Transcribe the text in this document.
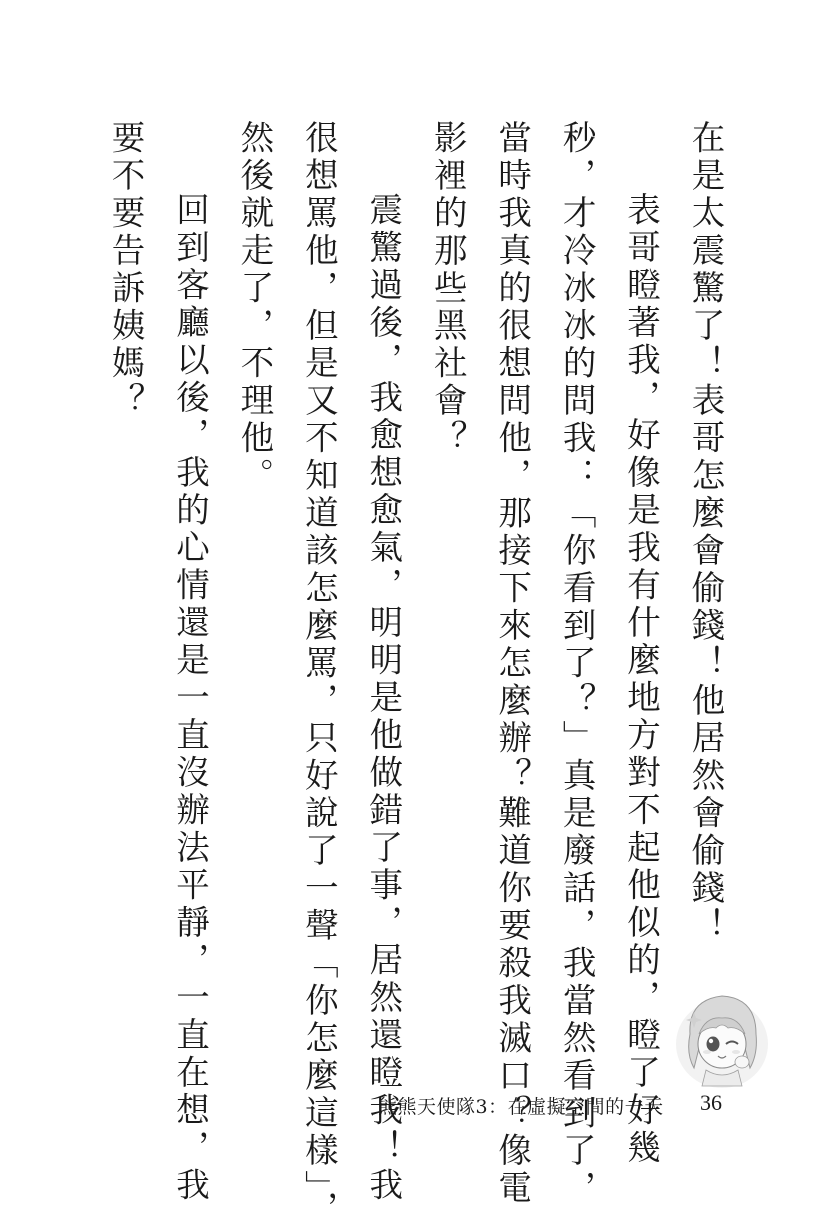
在是太震驚了！表哥怎麼會偷錢！他居然會偷錢！
表哥瞪著我，好像是我有什麼地方對不起他似的，瞪了好幾
秒，才冷冰冰的問我：「你看到了？」真是廢話，我當然看到了，
當時我真的很想問他，那接下來怎麼辦？難道你要殺我滅口？像電
影裡的那些黑社會？
震驚過後，我愈想愈氣，明明是他做錯了事，居然還瞪我！我
很想罵他，但是又不知道該怎麼罵，只好說了一聲「你怎麼這樣」，
然後就走了，不理他。
回到客廳以後，我的心情還是一直沒辦法平靜，一直在想，我
要不要告訴姨媽？
熊熊天使隊3：在虛擬空間的一天 36
